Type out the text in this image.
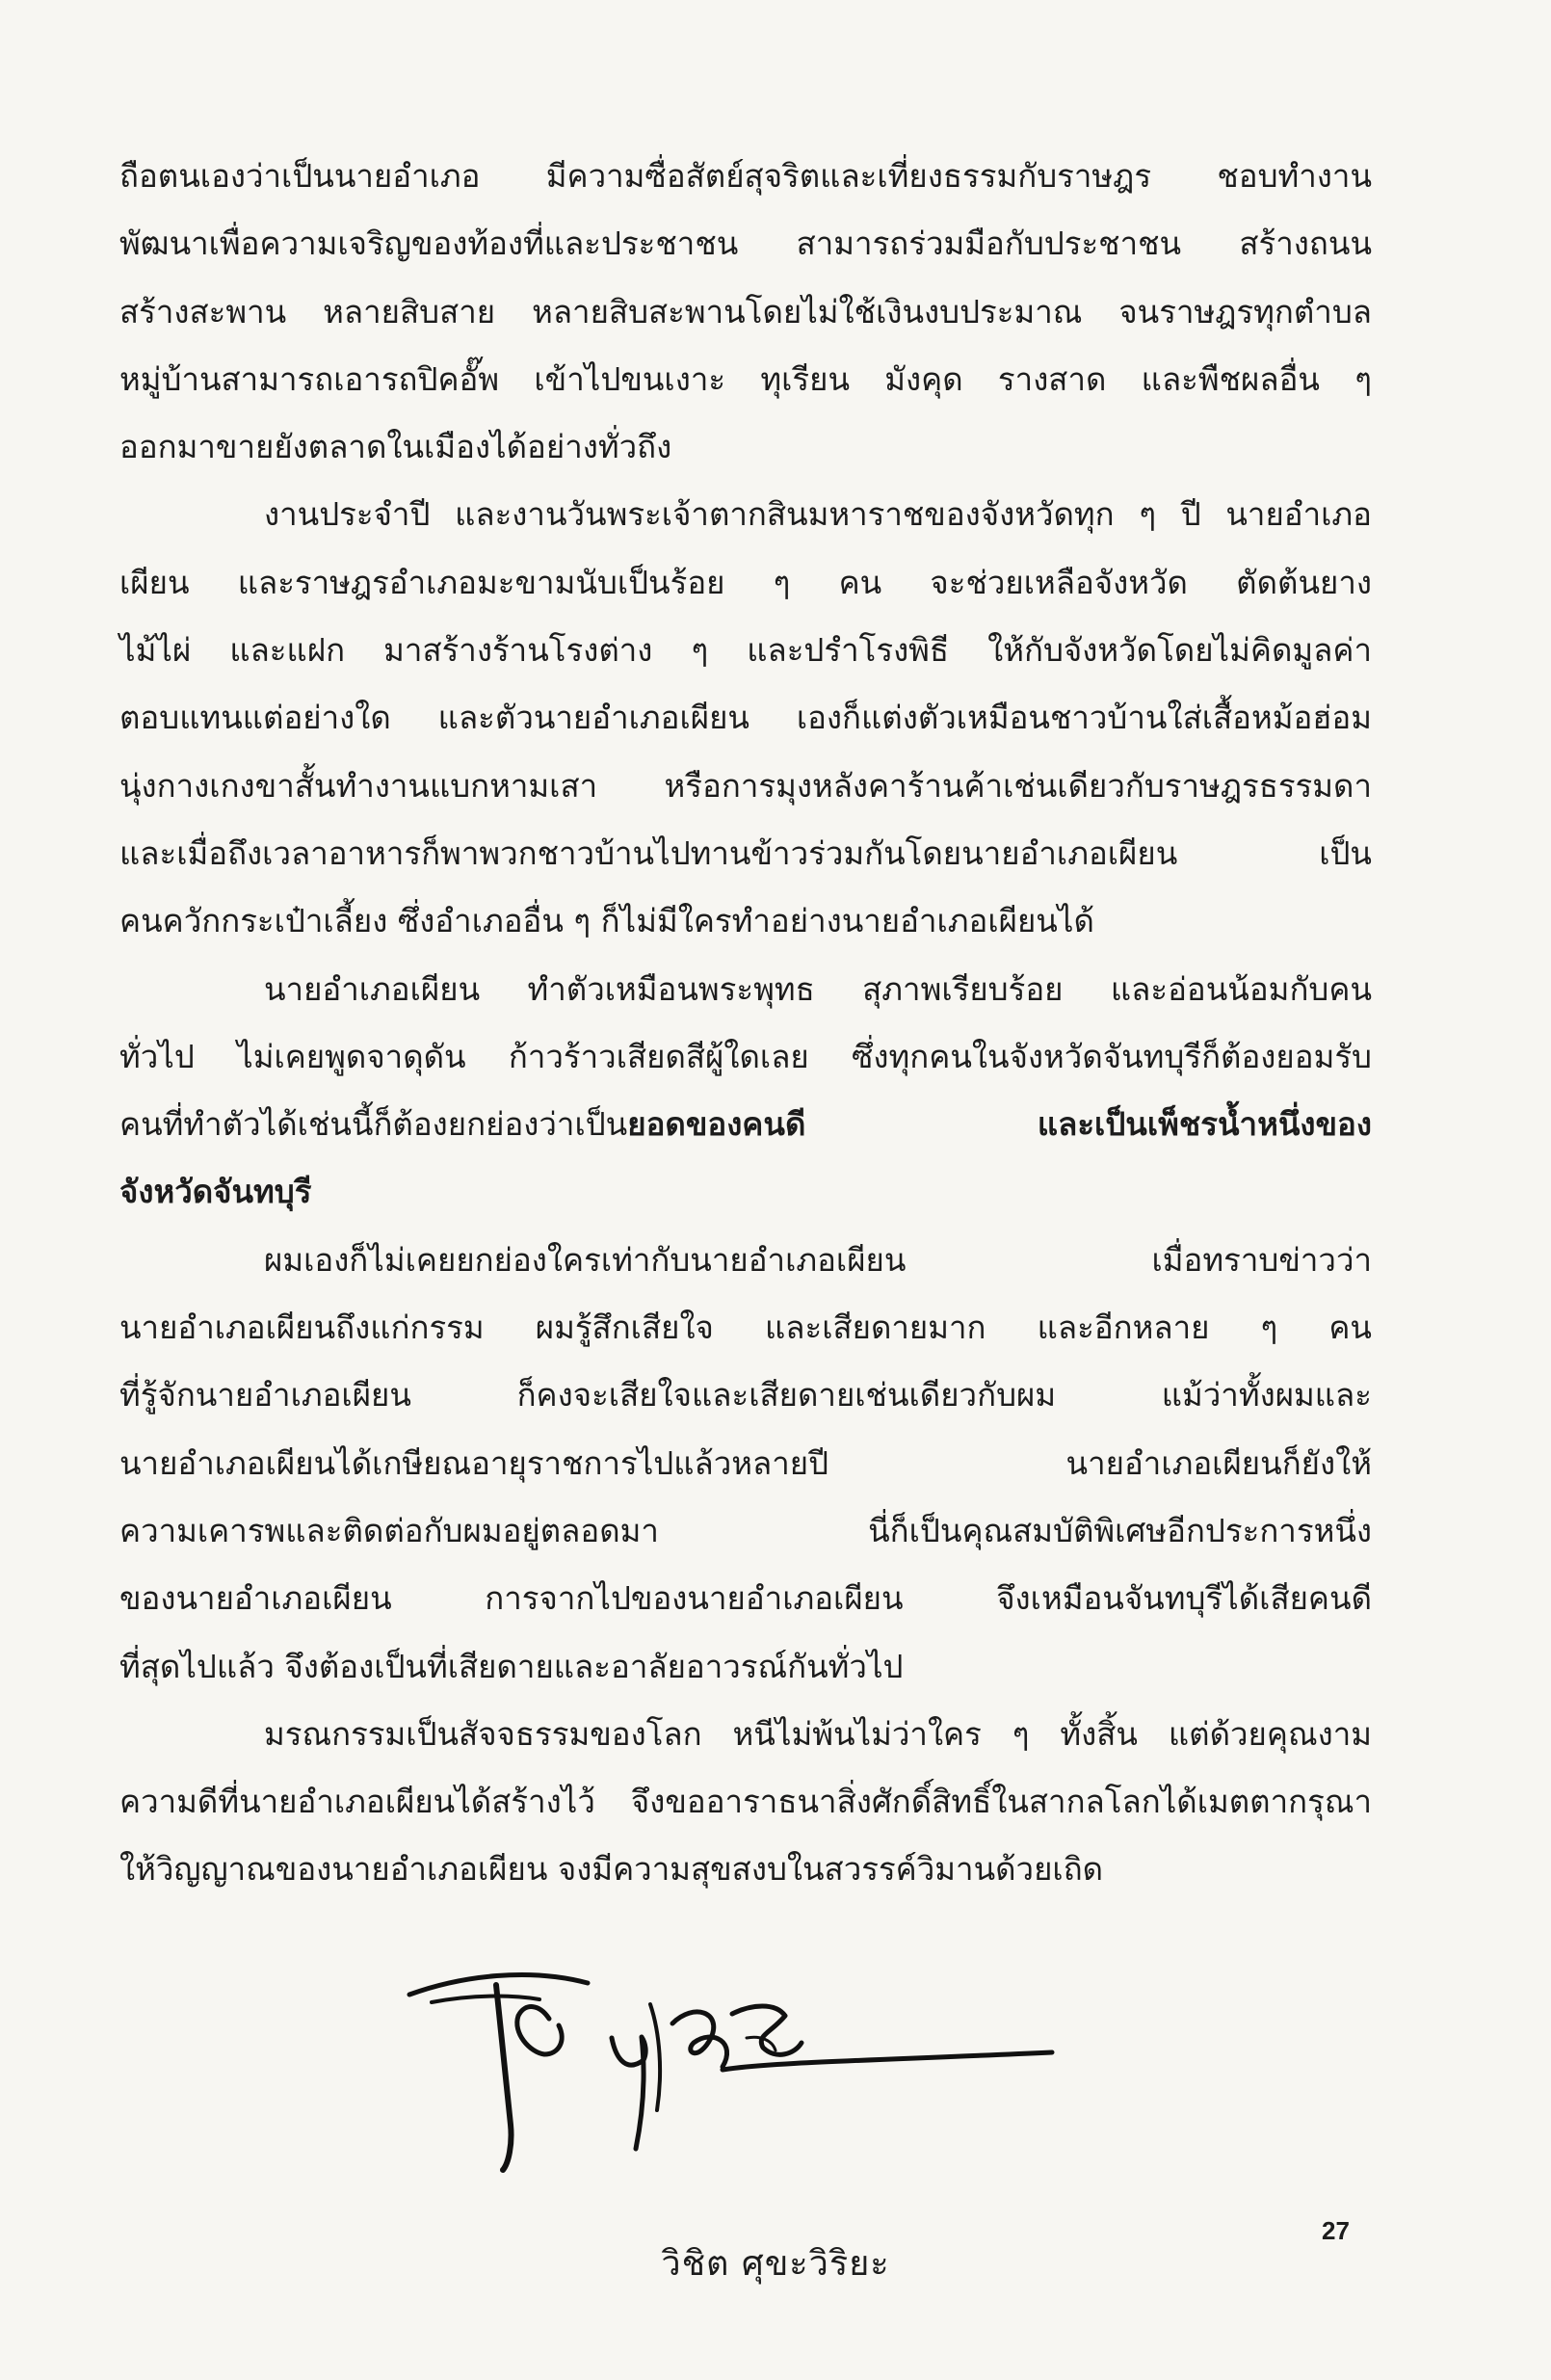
ถือตนเองว่าเป็นนายอำเภอ มีความซื่อสัตย์สุจริตและเที่ยงธรรมกับราษฎร ชอบทำงาน
พัฒนาเพื่อความเจริญของท้องที่และประชาชน สามารถร่วมมือกับประชาชน สร้างถนน
สร้างสะพาน หลายสิบสาย หลายสิบสะพานโดยไม่ใช้เงินงบประมาณ จนราษฎรทุกตำบล
หมู่บ้านสามารถเอารถปิคอั๊พ เข้าไปขนเงาะ ทุเรียน มังคุด รางสาด และพืชผลอื่น ๆ
ออกมาขายยังตลาดในเมืองได้อย่างทั่วถึง
งานประจำปี และงานวันพระเจ้าตากสินมหาราชของจังหวัดทุก ๆ ปี นายอำเภอ
เผียน และราษฎรอำเภอมะขามนับเป็นร้อย ๆ คน จะช่วยเหลือจังหวัด ตัดต้นยาง
ไม้ไผ่ และแฝก มาสร้างร้านโรงต่าง ๆ และปรำโรงพิธี ให้กับจังหวัดโดยไม่คิดมูลค่า
ตอบแทนแต่อย่างใด และตัวนายอำเภอเผียน เองก็แต่งตัวเหมือนชาวบ้านใส่เสื้อหม้อฮ่อม
นุ่งกางเกงขาสั้นทำงานแบกหามเสา หรือการมุงหลังคาร้านค้าเช่นเดียวกับราษฎรธรรมดา
และเมื่อถึงเวลาอาหารก็พาพวกชาวบ้านไปทานข้าวร่วมกันโดยนายอำเภอเผียน เป็น
คนควักกระเป๋าเลี้ยง ซึ่งอำเภออื่น ๆ ก็ไม่มีใครทำอย่างนายอำเภอเผียนได้
นายอำเภอเผียน ทำตัวเหมือนพระพุทธ สุภาพเรียบร้อย และอ่อนน้อมกับคน
ทั่วไป ไม่เคยพูดจาดุดัน ก้าวร้าวเสียดสีผู้ใดเลย ซึ่งทุกคนในจังหวัดจันทบุรีก็ต้องยอมรับ
คนที่ทำตัวได้เช่นนี้ก็ต้องยกย่องว่าเป็นยอดของคนดี และเป็นเพ็ชรน้ำหนึ่งของ
จังหวัดจันทบุรี
ผมเองก็ไม่เคยยกย่องใครเท่ากับนายอำเภอเผียน เมื่อทราบข่าวว่า
นายอำเภอเผียนถึงแก่กรรม ผมรู้สึกเสียใจ และเสียดายมาก และอีกหลาย ๆ คน
ที่รู้จักนายอำเภอเผียน ก็คงจะเสียใจและเสียดายเช่นเดียวกับผม แม้ว่าทั้งผมและ
นายอำเภอเผียนได้เกษียณอายุราชการไปแล้วหลายปี นายอำเภอเผียนก็ยังให้
ความเคารพและติดต่อกับผมอยู่ตลอดมา นี่ก็เป็นคุณสมบัติพิเศษอีกประการหนึ่ง
ของนายอำเภอเผียน การจากไปของนายอำเภอเผียน จึงเหมือนจันทบุรีได้เสียคนดี
ที่สุดไปแล้ว จึงต้องเป็นที่เสียดายและอาลัยอาวรณ์กันทั่วไป
มรณกรรมเป็นสัจจธรรมของโลก หนีไม่พ้นไม่ว่าใคร ๆ ทั้งสิ้น แต่ด้วยคุณงาม
ความดีที่นายอำเภอเผียนได้สร้างไว้ จึงขออาราธนาสิ่งศักดิ์สิทธิ์ในสากลโลกได้เมตตากรุณา
ให้วิญญาณของนายอำเภอเผียน จงมีความสุขสงบในสวรรค์วิมานด้วยเถิด
วิชิต ศุขะวิริยะ
27
